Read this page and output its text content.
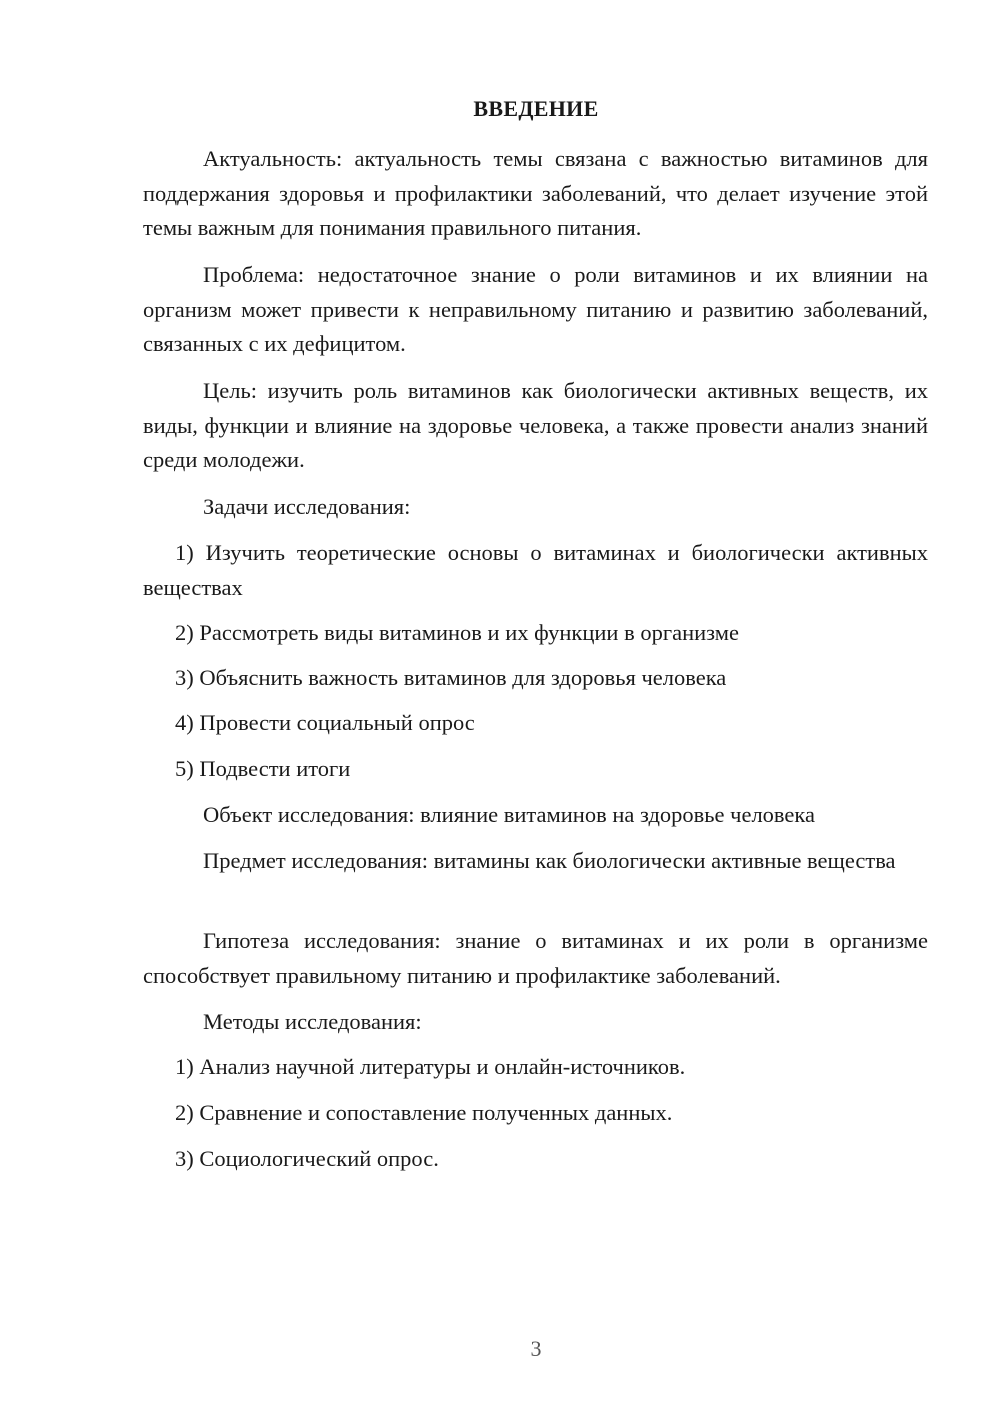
ВВЕДЕНИЕ

Актуальность: актуальность темы связана с важностью витаминов для поддержания здоровья и профилактики заболеваний, что делает изучение этой темы важным для понимания правильного питания.

Проблема: недостаточное знание о роли витаминов и их влиянии на организм может привести к неправильному питанию и развитию заболеваний, связанных с их дефицитом.

Цель: изучить роль витаминов как биологически активных веществ, их виды, функции и влияние на здоровье человека, а также провести анализ знаний среди молодежи.

Задачи исследования:

1) Изучить теоретические основы о витаминах и биологически активных веществах

2) Рассмотреть виды витаминов и их функции в организме

3) Объяснить важность витаминов для здоровья человека

4) Провести социальный опрос

5) Подвести итоги

Объект исследования: влияние витаминов на здоровье человека

Предмет исследования: витамины как биологически активные вещества

Гипотеза исследования: знание о витаминах и их роли в организме способствует правильному питанию и профилактике заболеваний.

Методы исследования:

1) Анализ научной литературы и онлайн-источников.

2) Сравнение и сопоставление полученных данных.

3) Социологический опрос.

3
